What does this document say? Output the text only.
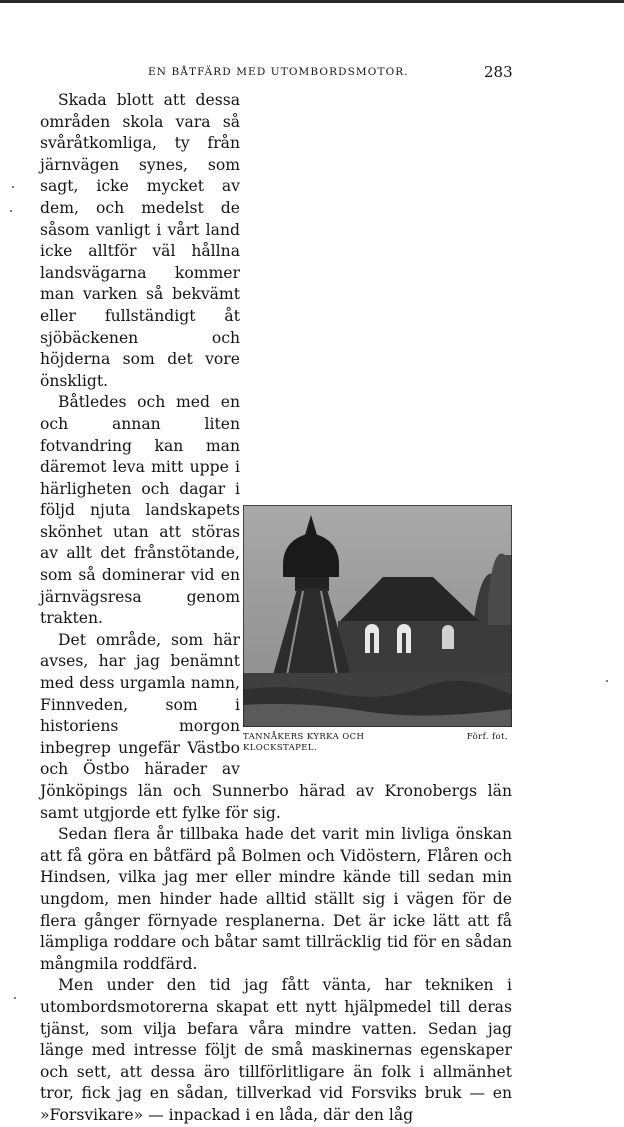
EN BÅTFÄRD MED UTOMBORDSMOTOR.	283

Skada blott att dessa områden skola vara så svåråtkomliga, ty från järnvägen synes, som sagt, icke mycket av dem, och medelst de såsom vanligt i vårt land icke alltför väl hållna landsvägarna kommer man varken så bekvämt eller fullständigt åt sjöbäckenen och höjderna som det vore önskligt.

Båtledes och med en och annan liten fotvandring kan man däremot leva mitt uppe i härligheten och dagar i följd njuta landskapets skönhet utan att störas av allt det frånstötande, som så dominerar vid en järnvägsresa genom trakten.

Det område, som här avses, har jag benämnt med dess urgamla namn, Finnveden, som i historiens morgon inbegrep ungefär Västbo och Östbo härader av Jönköpings län och Sunnerbo härad av Kronobergs län samt utgjorde ett fylke för sig.

Sedan flera år tillbaka hade det varit min livliga önskan att få göra en båtfärd på Bolmen och Vidöstern, Flåren och Hindsen, vilka jag mer eller mindre kände till sedan min ungdom, men hinder hade alltid ställt sig i vägen för de flera gånger förnyade resplanerna. Det är icke lätt att få lämpliga roddare och båtar samt tillräcklig tid för en sådan mångmila roddfärd.

Men under den tid jag fått vänta, har tekniken i utombordsmotorerna skapat ett nytt hjälpmedel till deras tjänst, som vilja befara våra mindre vatten. Sedan jag länge med intresse följt de små maskinernas egenskaper och sett, att dessa äro tillförlitligare än folk i allmänhet tror, fick jag en sådan, tillverkad vid Forsviks bruk — en »Forsvikare» — inpackad i en låda, där den låg

TANNÅKERS KYRKA OCH KLOCKSTAPEL.
Förf. fot.
